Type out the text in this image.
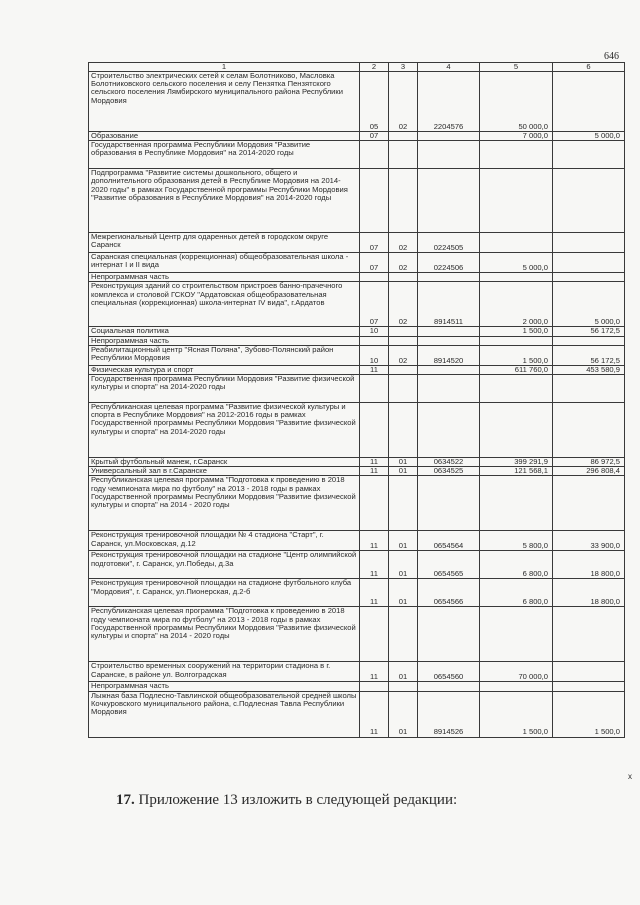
646
1	2	3	4	5	6
Строительство электрических сетей к селам Болотниково, Масловка Болотниковского сельского поселения и селу Пензятка Пензятского сельского поселения Лямбирского муниципального района Республики Мордовия	05	02	2204576	50 000,0	
Образование	07			7 000,0	5 000,0
Государственная программа Республики Мордовия "Развитие образования в Республике Мордовия" на 2014-2020 годы					
Подпрограмма "Развитие системы дошкольного, общего и дополнительного образования детей в Республике Мордовия на 2014-2020 годы" в рамках Государственной программы Республики Мордовия "Развитие образования в Республике Мордовия" на 2014-2020 годы					
Межрегиональный Центр для одаренных детей в городском округе Саранск	07	02	0224505		
Саранская специальная (коррекционная) общеобразовательная школа - интернат I и II вида	07	02	0224506	5 000,0	
Непрограммная часть					
Реконструкция зданий со строительством пристроев банно-прачечного комплекса и столовой ГСКОУ "Ардатовская общеобразовательная специальная (коррекционная) школа-интернат IV вида", г.Ардатов	07	02	8914511	2 000,0	5 000,0
Социальная политика	10			1 500,0	56 172,5
Непрограммная часть					
Реабилитационный центр "Ясная Поляна", Зубово-Полянский район Республики Мордовия	10	02	8914520	1 500,0	56 172,5
Физическая культура и спорт	11			611 760,0	453 580,9
Государственная программа Республики Мордовия "Развитие физической культуры и спорта" на 2014-2020 годы					
Республиканская целевая программа "Развитие физической культуры и спорта в Республике Мордовия" на 2012-2016 годы в рамках Государственной программы Республики Мордовия "Развитие физической культуры и спорта" на 2014-2020 годы					
Крытый футбольный манеж, г.Саранск	11	01	0634522	399 291,9	86 972,5
Универсальный зал в г.Саранске	11	01	0634525	121 568,1	296 808,4
Республиканская целевая программа "Подготовка к проведению в 2018 году чемпионата мира по футболу" на 2013 - 2018 годы в рамках Государственной программы Республики Мордовия "Развитие физической культуры и спорта" на 2014 - 2020 годы					
Реконструкция тренировочной площадки № 4 стадиона "Старт", г. Саранск, ул.Московская, д.12	11	01	0654564	5 800,0	33 900,0
Реконструкция тренировочной площадки на стадионе "Центр олимпийской подготовки", г. Саранск, ул.Победы, д.3а	11	01	0654565	6 800,0	18 800,0
Реконструкция тренировочной площадки на стадионе футбольного клуба "Мордовия", г. Саранск, ул.Пионерская, д.2-б	11	01	0654566	6 800,0	18 800,0
Республиканская целевая программа "Подготовка к проведению в 2018 году чемпионата мира по футболу" на 2013 - 2018 годы в рамках Государственной программы Республики Мордовия "Развитие физической культуры и спорта" на 2014 - 2020 годы					
Строительство временных сооружений на территории стадиона в г. Саранске, в районе ул. Волгоградская	11	01	0654560	70 000,0	
Непрограммная часть					
Лыжная база Подлесно-Тавлинской общеобразовательной средней школы Кочкуровского муниципального района, с.Подлесная Тавла Республики Мордовия	11	01	8914526	1 500,0	1 500,0
х
17. Приложение 13 изложить в следующей редакции:
